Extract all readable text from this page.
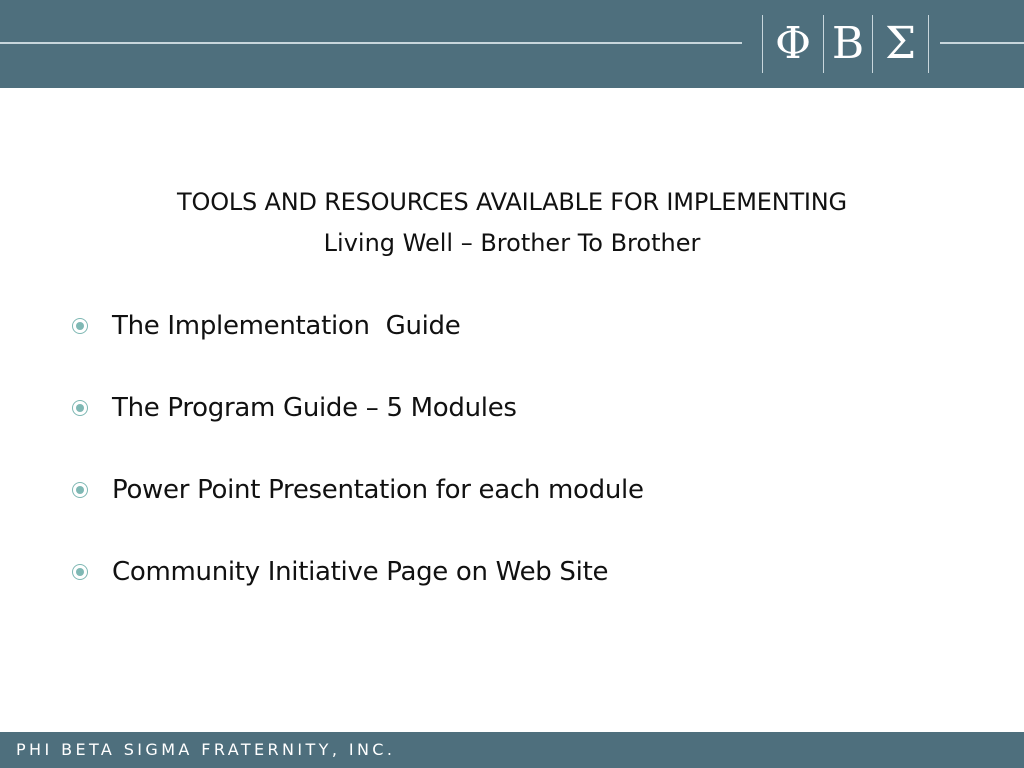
Φ Β Σ
TOOLS AND RESOURCES AVAILABLE FOR IMPLEMENTING
Living Well – Brother To Brother
The Implementation  Guide
The Program Guide – 5 Modules
Power Point Presentation for each module
Community Initiative Page on Web Site
PHI BETA SIGMA FRATERNITY, INC.
